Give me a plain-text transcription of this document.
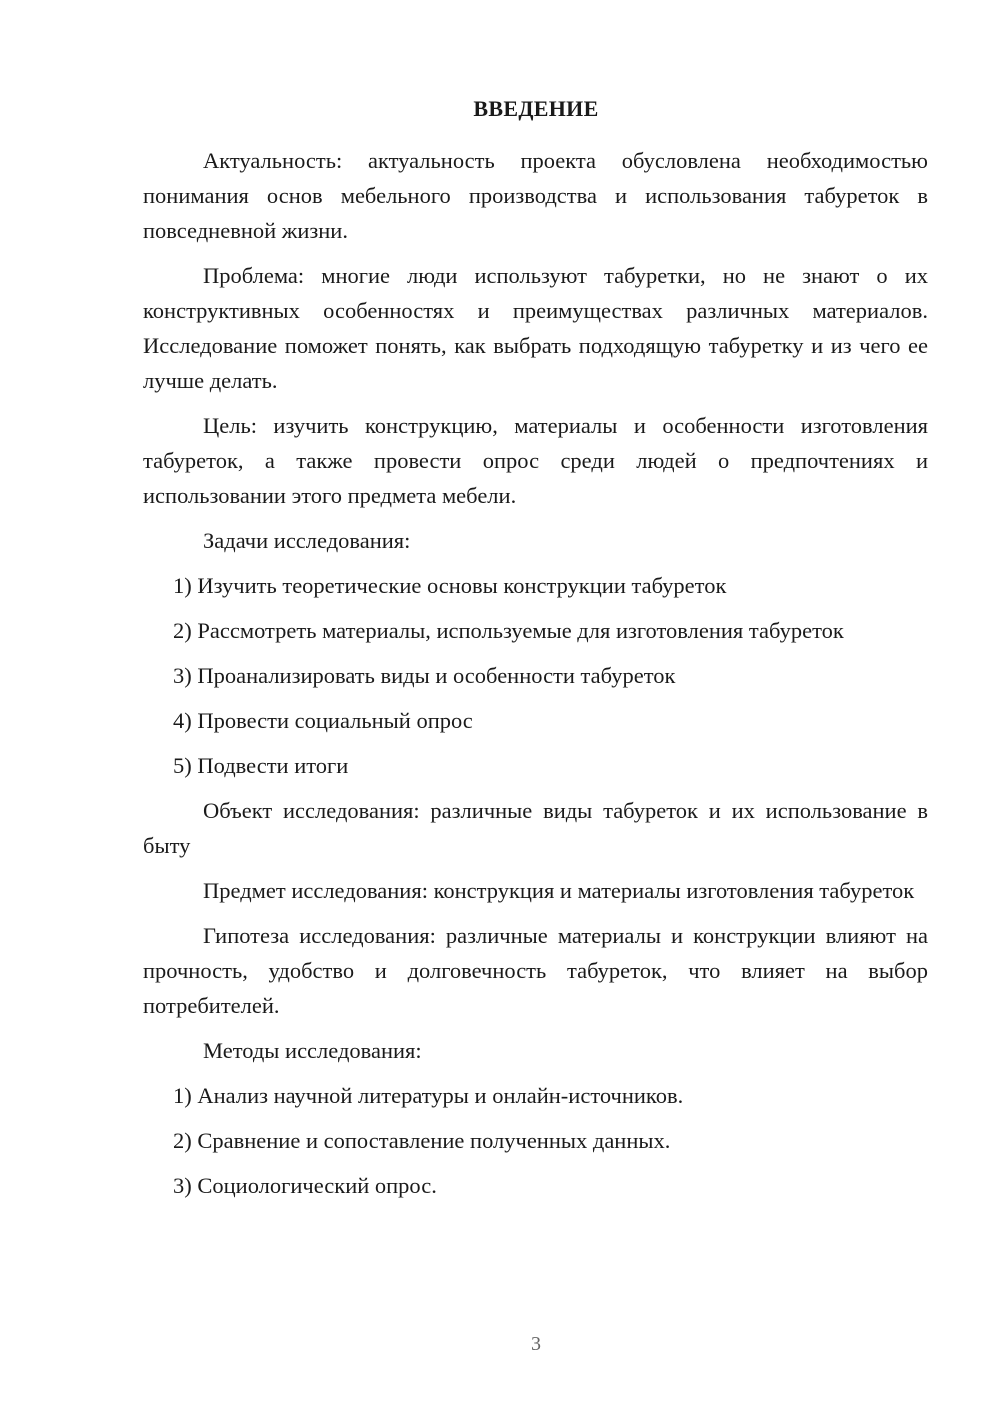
ВВЕДЕНИЕ

Актуальность: актуальность проекта обусловлена необходимостью понимания основ мебельного производства и использования табуреток в повседневной жизни.

Проблема: многие люди используют табуретки, но не знают о их конструктивных особенностях и преимуществах различных материалов. Исследование поможет понять, как выбрать подходящую табуретку и из чего ее лучше делать.

Цель: изучить конструкцию, материалы и особенности изготовления табуреток, а также провести опрос среди людей о предпочтениях и использовании этого предмета мебели.

Задачи исследования:

1) Изучить теоретические основы конструкции табуреток
2) Рассмотреть материалы, используемые для изготовления табуреток
3) Проанализировать виды и особенности табуреток
4) Провести социальный опрос
5) Подвести итоги

Объект исследования: различные виды табуреток и их использование в быту

Предмет исследования: конструкция и материалы изготовления табуреток

Гипотеза исследования: различные материалы и конструкции влияют на прочность, удобство и долговечность табуреток, что влияет на выбор потребителей.

Методы исследования:

1) Анализ научной литературы и онлайн-источников.
2) Сравнение и сопоставление полученных данных.
3) Социологический опрос.
3
